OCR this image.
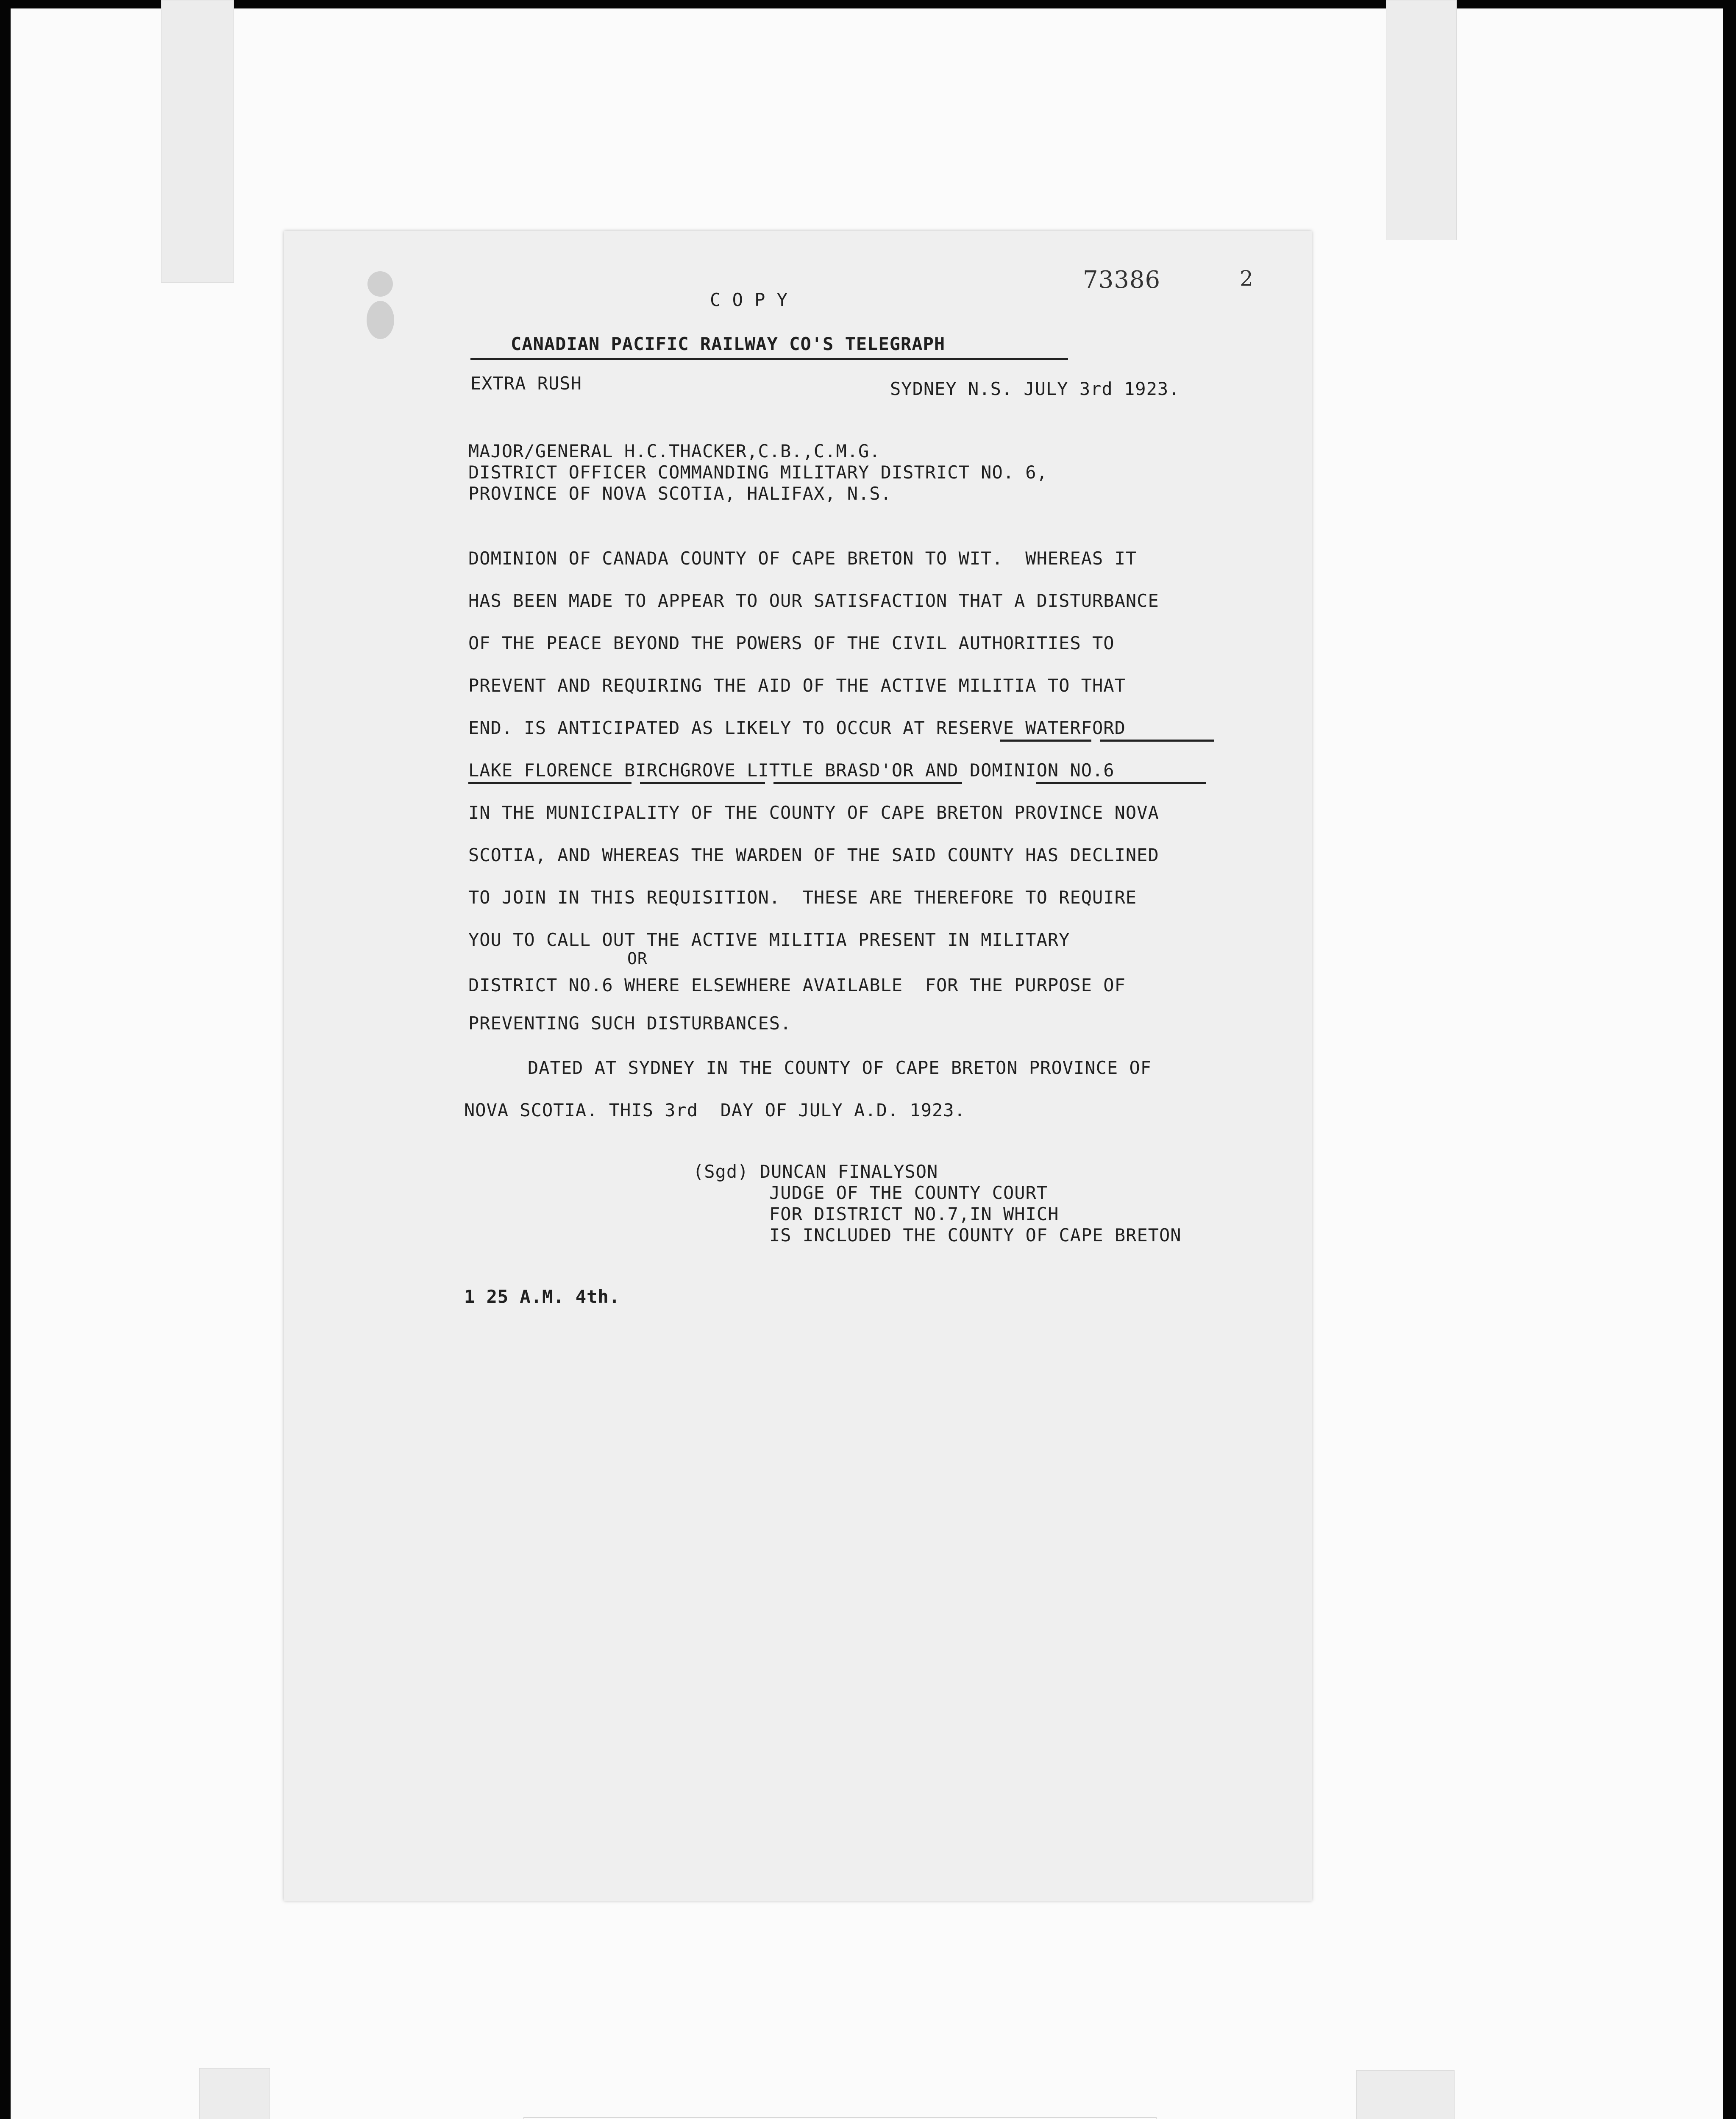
C O P Y
73386	2
CANADIAN PACIFIC RAILWAY CO'S TELEGRAPH
EXTRA RUSH	SYDNEY N.S. JULY 3rd 1923.
MAJOR/GENERAL H.C.THACKER,C.B.,C.M.G.
DISTRICT OFFICER COMMANDING MILITARY DISTRICT NO. 6,
PROVINCE OF NOVA SCOTIA, HALIFAX, N.S.
DOMINION OF CANADA COUNTY OF CAPE BRETON TO WIT.  WHEREAS IT
HAS BEEN MADE TO APPEAR TO OUR SATISFACTION THAT A DISTURBANCE
OF THE PEACE BEYOND THE POWERS OF THE CIVIL AUTHORITIES TO
PREVENT AND REQUIRING THE AID OF THE ACTIVE MILITIA TO THAT
END. IS ANTICIPATED AS LIKELY TO OCCUR AT RESERVE WATERFORD
LAKE FLORENCE BIRCHGROVE LITTLE BRASD'OR AND DOMINION NO.6
IN THE MUNICIPALITY OF THE COUNTY OF CAPE BRETON PROVINCE NOVA
SCOTIA, AND WHEREAS THE WARDEN OF THE SAID COUNTY HAS DECLINED
TO JOIN IN THIS REQUISITION.  THESE ARE THEREFORE TO REQUIRE
YOU TO CALL OUT THE ACTIVE MILITIA PRESENT IN MILITARY
OR
DISTRICT NO.6 WHERE ELSEWHERE AVAILABLE  FOR THE PURPOSE OF
PREVENTING SUCH DISTURBANCES.
DATED AT SYDNEY IN THE COUNTY OF CAPE BRETON PROVINCE OF
NOVA SCOTIA. THIS 3rd  DAY OF JULY A.D. 1923.
(Sgd) DUNCAN FINALYSON
JUDGE OF THE COUNTY COURT
FOR DISTRICT NO.7,IN WHICH
IS INCLUDED THE COUNTY OF CAPE BRETON
1 25 A.M. 4th.
